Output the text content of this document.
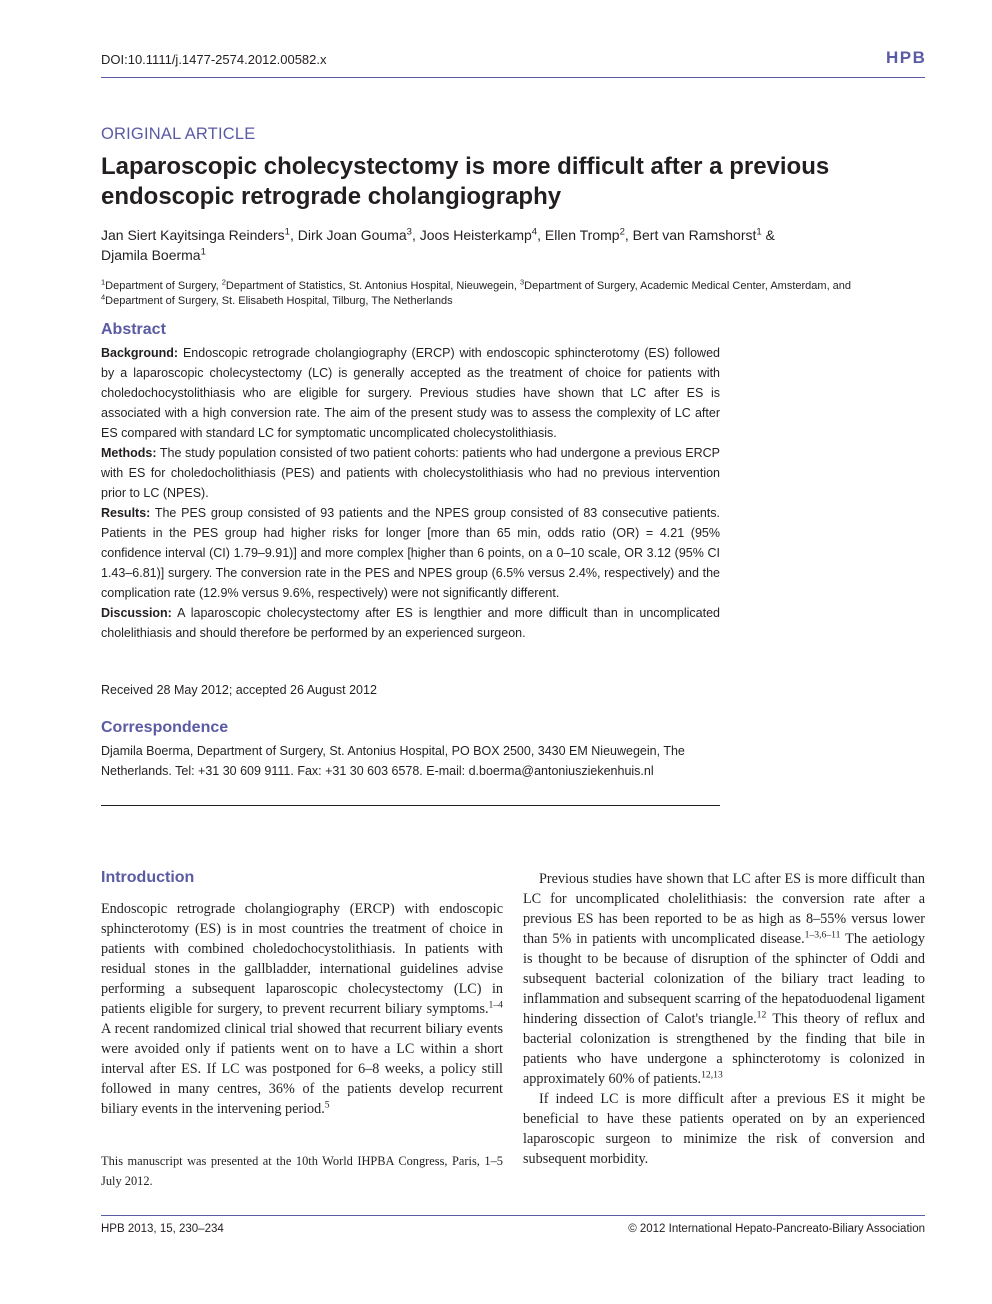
DOI:10.1111/j.1477-2574.2012.00582.x	HPB
ORIGINAL ARTICLE
Laparoscopic cholecystectomy is more difficult after a previous endoscopic retrograde cholangiography
Jan Siert Kayitsinga Reinders$^1$, Dirk Joan Gouma$^3$, Joos Heisterkamp$^4$, Ellen Tromp$^2$, Bert van Ramshorst$^1$ &
Djamila Boerma$^1$
$^1$Department of Surgery, $^2$Department of Statistics, St. Antonius Hospital, Nieuwegein, $^3$Department of Surgery, Academic Medical Center, Amsterdam, and
$^4$Department of Surgery, St. Elisabeth Hospital, Tilburg, The Netherlands
Abstract

Background: Endoscopic retrograde cholangiography (ERCP) with endoscopic sphincterotomy (ES) followed by a laparoscopic cholecystectomy (LC) is generally accepted as the treatment of choice for patients with choledochocystolithiasis who are eligible for surgery. Previous studies have shown that LC after ES is associated with a high conversion rate. The aim of the present study was to assess the complexity of LC after ES compared with standard LC for symptomatic uncomplicated cholecystolithiasis.

Methods: The study population consisted of two patient cohorts: patients who had undergone a previous ERCP with ES for choledocholithiasis (PES) and patients with cholecystolithiasis who had no previous intervention prior to LC (NPES).

Results: The PES group consisted of 93 patients and the NPES group consisted of 83 consecutive patients. Patients in the PES group had higher risks for longer [more than 65 min, odds ratio (OR) = 4.21 (95% confidence interval (CI) 1.79–9.91)] and more complex [higher than 6 points, on a 0–10 scale, OR 3.12 (95% CI 1.43–6.81)] surgery. The conversion rate in the PES and NPES group (6.5% versus 2.4%, respectively) and the complication rate (12.9% versus 9.6%, respectively) were not significantly different.

Discussion: A laparoscopic cholecystectomy after ES is lengthier and more difficult than in uncomplicated cholelithiasis and should therefore be performed by an experienced surgeon.

Received 28 May 2012; accepted 26 August 2012
Correspondence
Djamila Boerma, Department of Surgery, St. Antonius Hospital, PO BOX 2500, 3430 EM Nieuwegein, The
Netherlands. Tel: +31 30 609 9111. Fax: +31 30 603 6578. E-mail: d.boerma@antoniusziekenhuis.nl
Introduction

Endoscopic retrograde cholangiography (ERCP) with endoscopic sphincterotomy (ES) is in most countries the treatment of choice in patients with combined choledochocystolithiasis. In patients with residual stones in the gallbladder, international guidelines advise performing a subsequent laparoscopic cholecystectomy (LC) in patients eligible for surgery, to prevent recurrent biliary symptoms.$^{1-4}$ A recent randomized clinical trial showed that recurrent biliary events were avoided only if patients went on to have a LC within a short interval after ES. If LC was postponed for 6–8 weeks, a policy still followed in many centres, 36% of the patients develop recurrent biliary events in the intervening period.$^5$

This manuscript was presented at the 10th World IHPBA Congress, Paris, 1–5 July 2012.

Previous studies have shown that LC after ES is more difficult than LC for uncomplicated cholelithiasis: the conversion rate after a previous ES has been reported to be as high as 8–55% versus lower than 5% in patients with uncomplicated disease.$^{1-3,6-11}$ The aetiology is thought to be because of disruption of the sphincter of Oddi and subsequent bacterial colonization of the biliary tract leading to inflammation and subsequent scarring of the hepatoduodenal ligament hindering dissection of Calot's triangle.$^{12}$ This theory of reflux and bacterial colonization is strengthened by the finding that bile in patients who have undergone a sphincterotomy is colonized in approximately 60% of patients.$^{12,13}$

If indeed LC is more difficult after a previous ES it might be beneficial to have these patients operated on by an experienced laparoscopic surgeon to minimize the risk of conversion and subsequent morbidity.

HPB 2013, 15, 230–234	© 2012 International Hepato-Pancreato-Biliary Association
